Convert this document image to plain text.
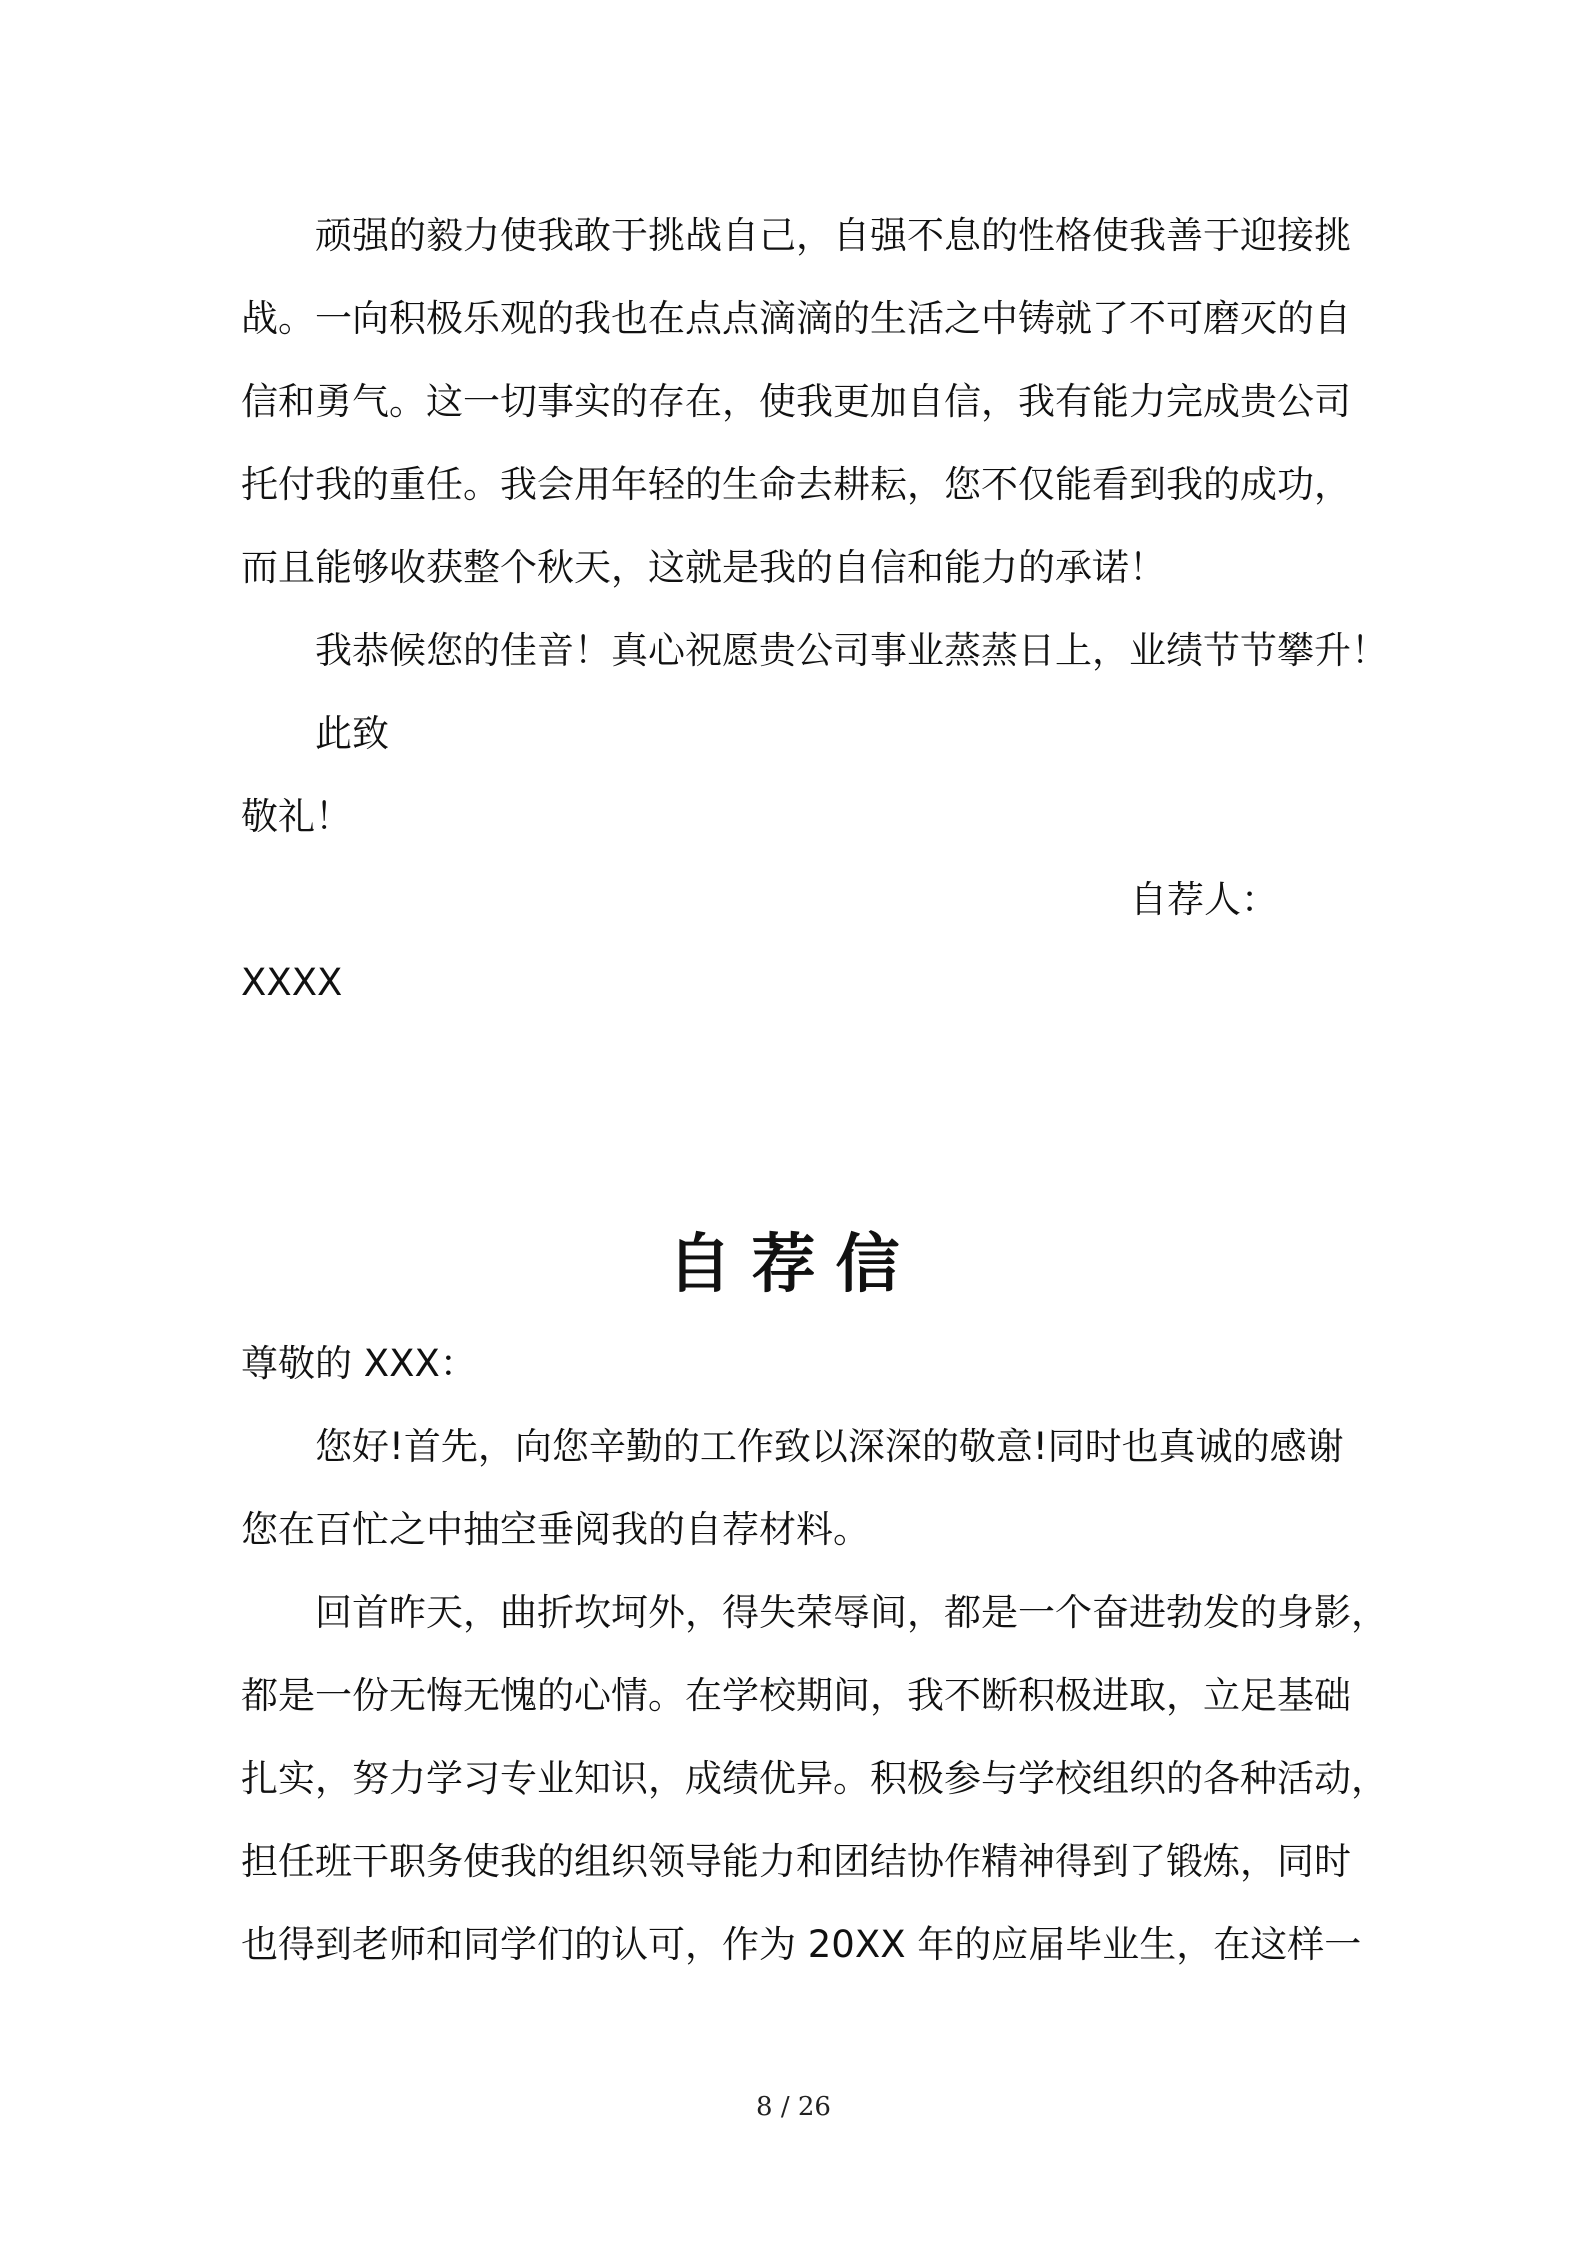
顽强的毅力使我敢于挑战自己，自强不息的性格使我善于迎接挑
战。一向积极乐观的我也在点点滴滴的生活之中铸就了不可磨灭的自
信和勇气。这一切事实的存在，使我更加自信，我有能力完成贵公司
托付我的重任。我会用年轻的生命去耕耘，您不仅能看到我的成功，
而且能够收获整个秋天，这就是我的自信和能力的承诺！
我恭候您的佳音！真心祝愿贵公司事业蒸蒸日上，业绩节节攀升！
此致
敬礼！
自荐人：
XXXX
自荐信
尊敬的 XXX：
您好!首先，向您辛勤的工作致以深深的敬意!同时也真诚的感谢
您在百忙之中抽空垂阅我的自荐材料。
回首昨天，曲折坎坷外，得失荣辱间，都是一个奋进勃发的身影，
都是一份无悔无愧的心情。在学校期间，我不断积极进取，立足基础
扎实，努力学习专业知识，成绩优异。积极参与学校组织的各种活动，
担任班干职务使我的组织领导能力和团结协作精神得到了锻炼，同时
也得到老师和同学们的认可，作为 20XX 年的应届毕业生，在这样一
8 / 26
